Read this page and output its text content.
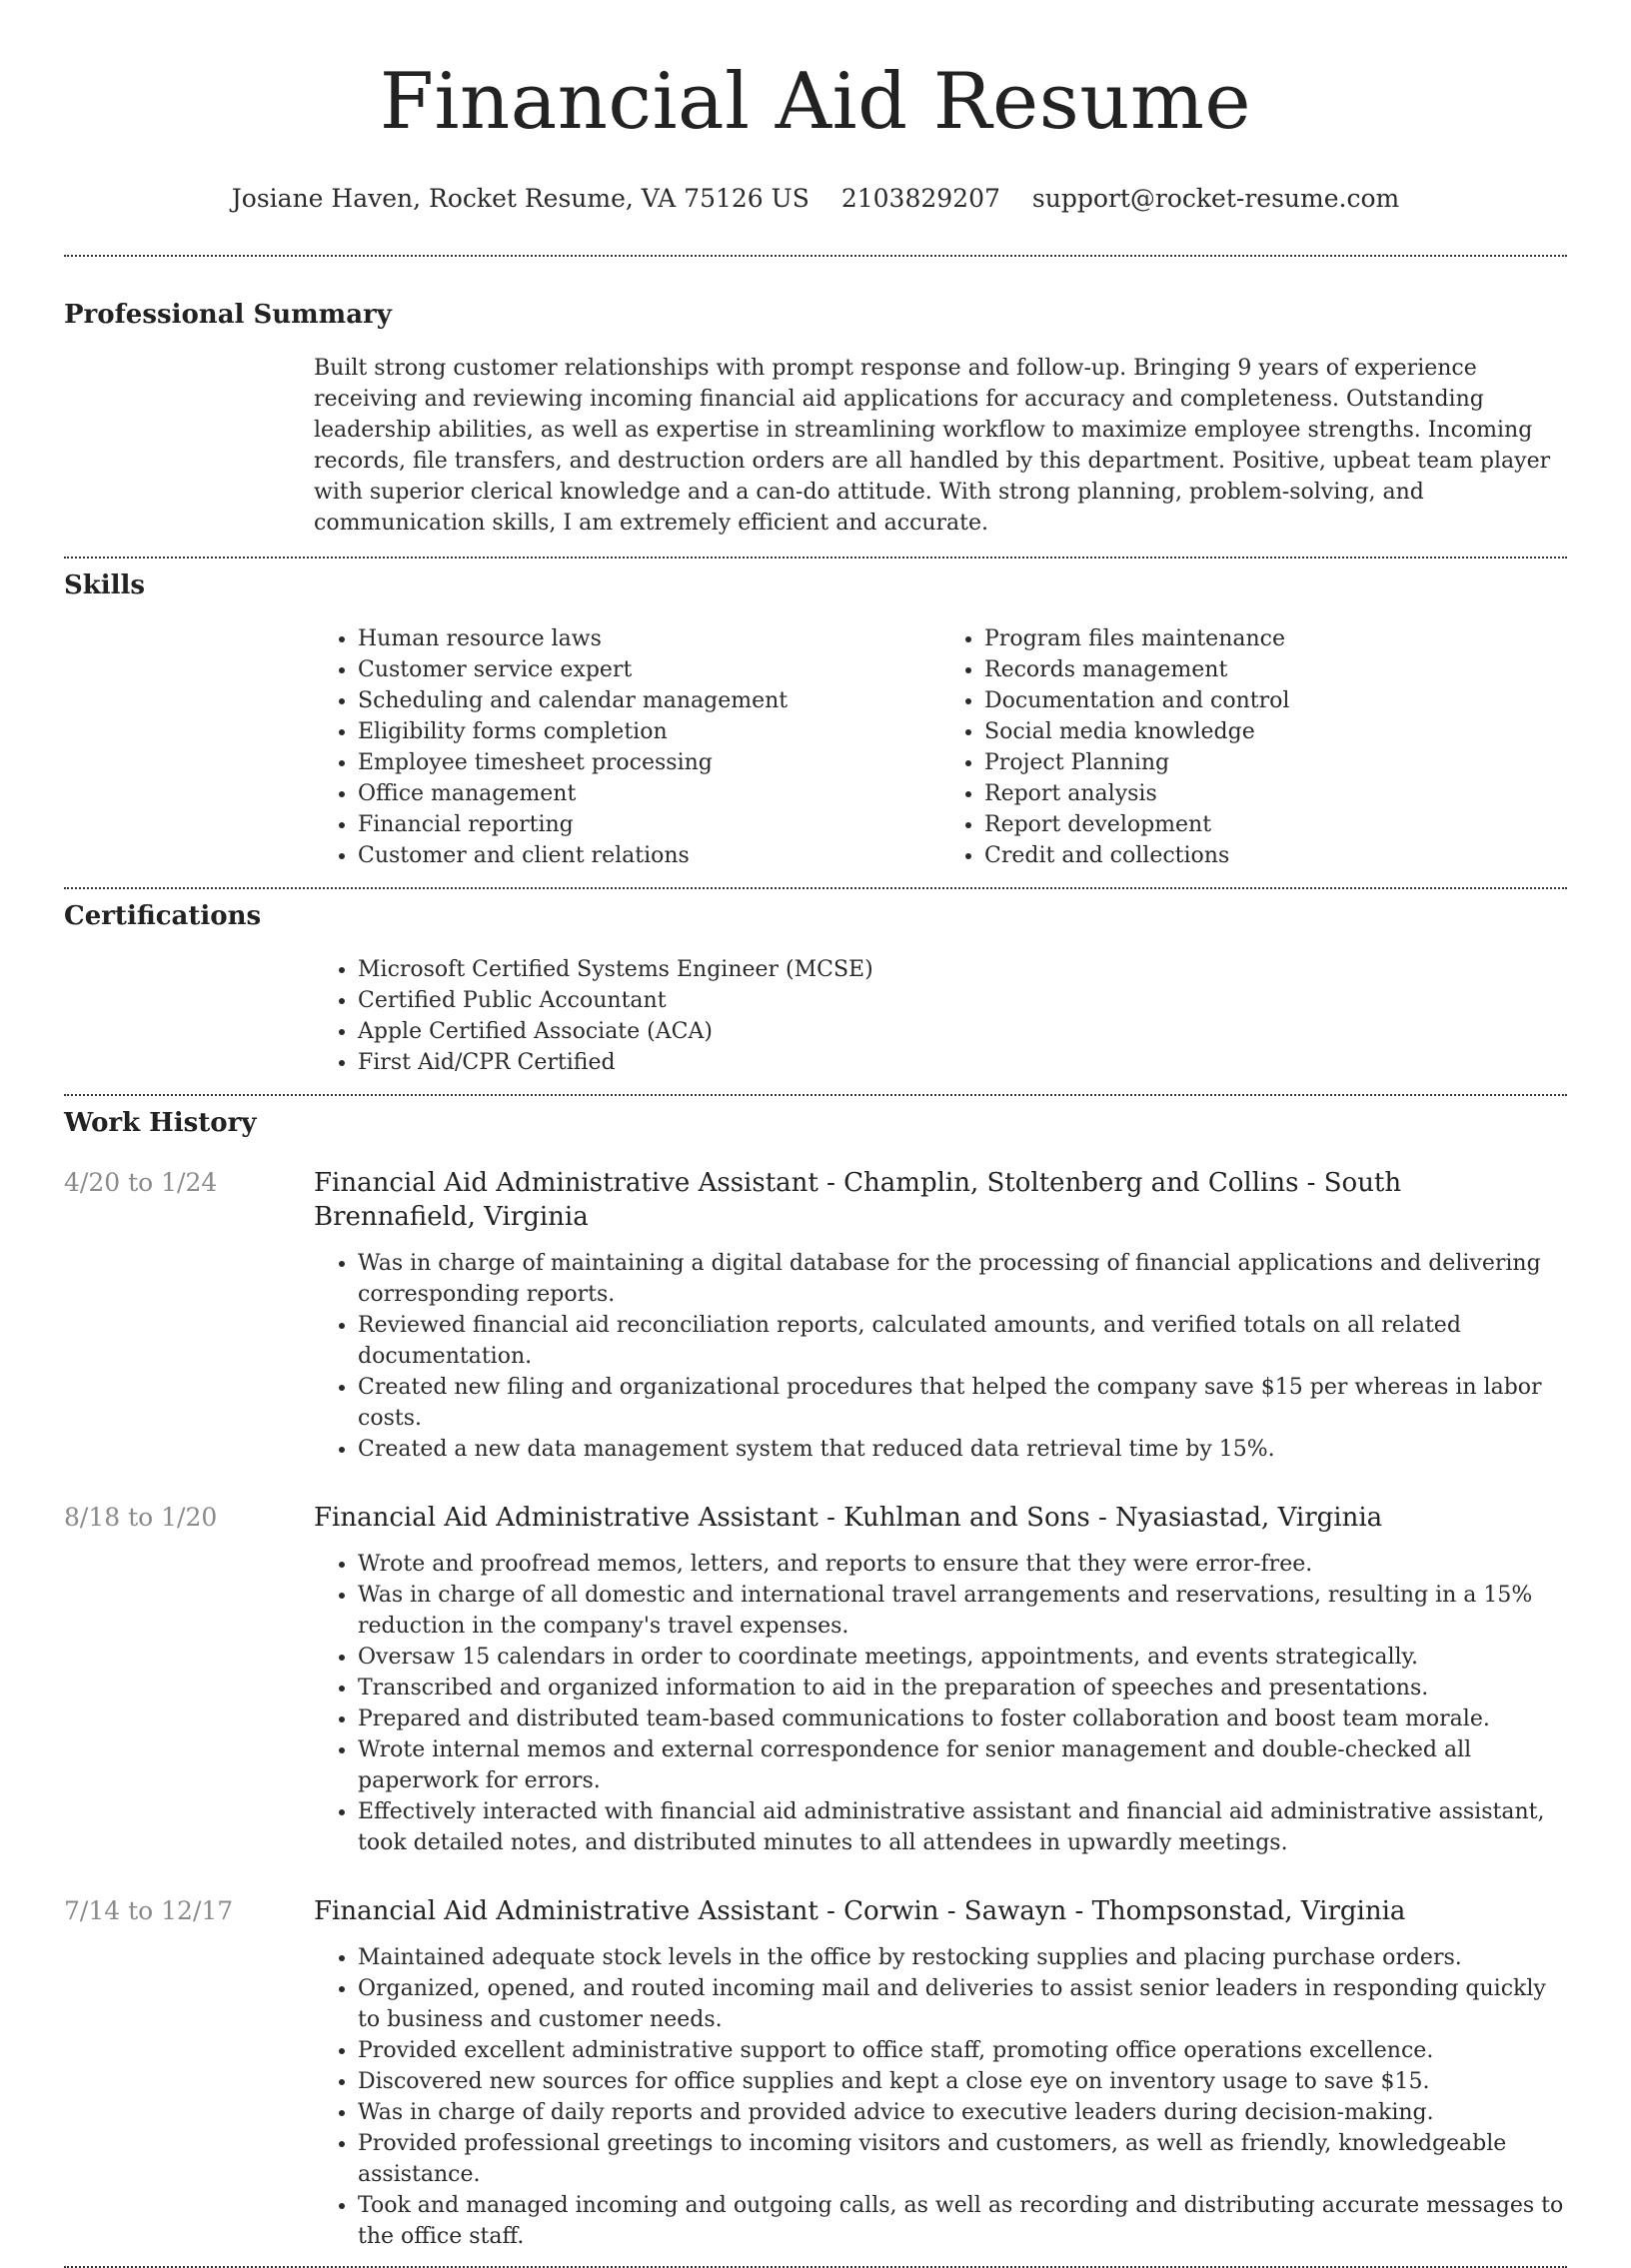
Financial Aid Resume
Josiane Haven, Rocket Resume, VA 75126 US 2103829207 support@rocket-resume.com
Professional Summary

Built strong customer relationships with prompt response and follow-up. Bringing 9 years of experience receiving and reviewing incoming financial aid applications for accuracy and completeness. Outstanding leadership abilities, as well as expertise in streamlining workflow to maximize employee strengths. Incoming records, file transfers, and destruction orders are all handled by this department. Positive, upbeat team player with superior clerical knowledge and a can-do attitude. With strong planning, problem-solving, and communication skills, I am extremely efficient and accurate.

Skills
• Human resource laws
• Customer service expert
• Scheduling and calendar management
• Eligibility forms completion
• Employee timesheet processing
• Office management
• Financial reporting
• Customer and client relations
• Program files maintenance
• Records management
• Documentation and control
• Social media knowledge
• Project Planning
• Report analysis
• Report development
• Credit and collections
Certifications
• Microsoft Certified Systems Engineer (MCSE)
• Certified Public Accountant
• Apple Certified Associate (ACA)
• First Aid/CPR Certified
Work History
4/20 to 1/24	Financial Aid Administrative Assistant - Champlin, Stoltenberg and Collins - South Brennafield, Virginia
• Was in charge of maintaining a digital database for the processing of financial applications and delivering corresponding reports.
• Reviewed financial aid reconciliation reports, calculated amounts, and verified totals on all related documentation.
• Created new filing and organizational procedures that helped the company save $15 per whereas in labor costs.
• Created a new data management system that reduced data retrieval time by 15%.
8/18 to 1/20	Financial Aid Administrative Assistant - Kuhlman and Sons - Nyasiastad, Virginia
• Wrote and proofread memos, letters, and reports to ensure that they were error-free.
• Was in charge of all domestic and international travel arrangements and reservations, resulting in a 15% reduction in the company's travel expenses.
• Oversaw 15 calendars in order to coordinate meetings, appointments, and events strategically.
• Transcribed and organized information to aid in the preparation of speeches and presentations.
• Prepared and distributed team-based communications to foster collaboration and boost team morale.
• Wrote internal memos and external correspondence for senior management and double-checked all paperwork for errors.
• Effectively interacted with financial aid administrative assistant and financial aid administrative assistant, took detailed notes, and distributed minutes to all attendees in upwardly meetings.
7/14 to 12/17	Financial Aid Administrative Assistant - Corwin - Sawayn - Thompsonstad, Virginia
• Maintained adequate stock levels in the office by restocking supplies and placing purchase orders.
• Organized, opened, and routed incoming mail and deliveries to assist senior leaders in responding quickly to business and customer needs.
• Provided excellent administrative support to office staff, promoting office operations excellence.
• Discovered new sources for office supplies and kept a close eye on inventory usage to save $15.
• Was in charge of daily reports and provided advice to executive leaders during decision-making.
• Provided professional greetings to incoming visitors and customers, as well as friendly, knowledgeable assistance.
• Took and managed incoming and outgoing calls, as well as recording and distributing accurate messages to the office staff.
